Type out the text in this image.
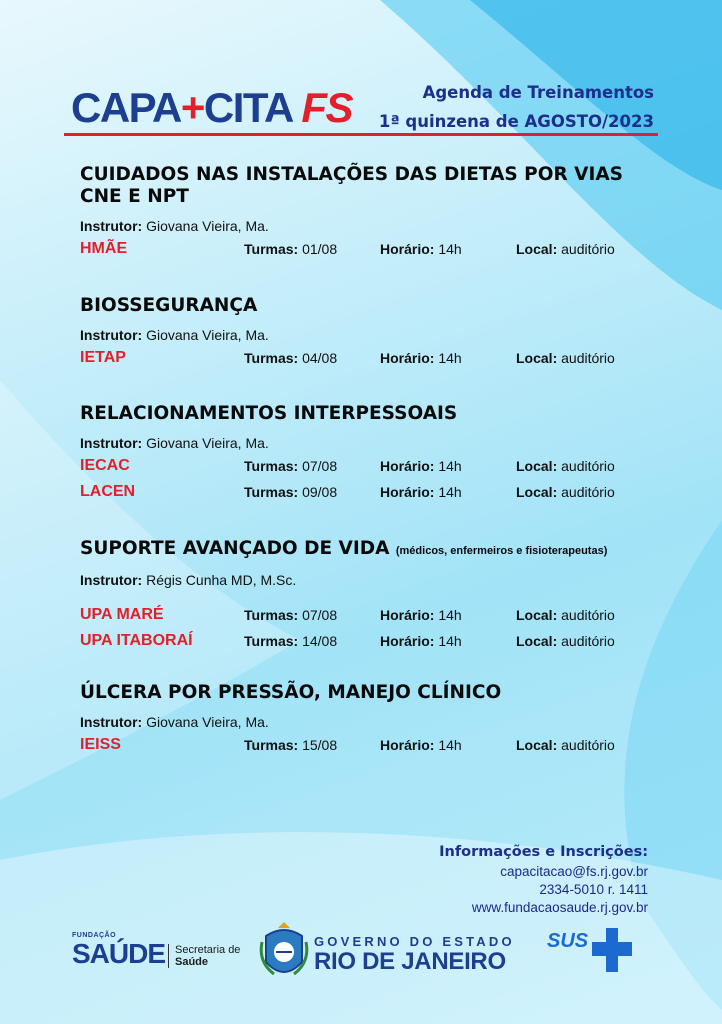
CAPA+CITA FS	Agenda de Treinamentos
1ª quinzena de AGOSTO/2023
CUIDADOS NAS INSTALAÇÕES DAS DIETAS POR VIAS CNE E NPT
Instrutor: Giovana Vieira, Ma.
HMÃE	Turmas: 01/08	Horário: 14h	Local: auditório
BIOSSEGURANÇA
Instrutor: Giovana Vieira, Ma.
IETAP	Turmas: 04/08	Horário: 14h	Local: auditório
RELACIONAMENTOS INTERPESSOAIS
Instrutor: Giovana Vieira, Ma.
IECAC	Turmas: 07/08	Horário: 14h	Local: auditório
LACEN	Turmas: 09/08	Horário: 14h	Local: auditório
SUPORTE AVANÇADO DE VIDA (médicos, enfermeiros e fisioterapeutas)
Instrutor: Régis Cunha MD, M.Sc.
UPA MARÉ	Turmas: 07/08	Horário: 14h	Local: auditório
UPA ITABORAÍ	Turmas: 14/08	Horário: 14h	Local: auditório
ÚLCERA POR PRESSÃO, MANEJO CLÍNICO
Instrutor: Giovana Vieira, Ma.
IEISS	Turmas: 15/08	Horário: 14h	Local: auditório
Informações e Inscrições:
capacitacao@fs.rj.gov.br
2334-5010 r. 1411
www.fundacaosaude.rj.gov.br
FUNDAÇÃO
SAÚDE Secretaria de
Saúde
GOVERNO DO ESTADO
RIO DE JANEIRO
SUS
